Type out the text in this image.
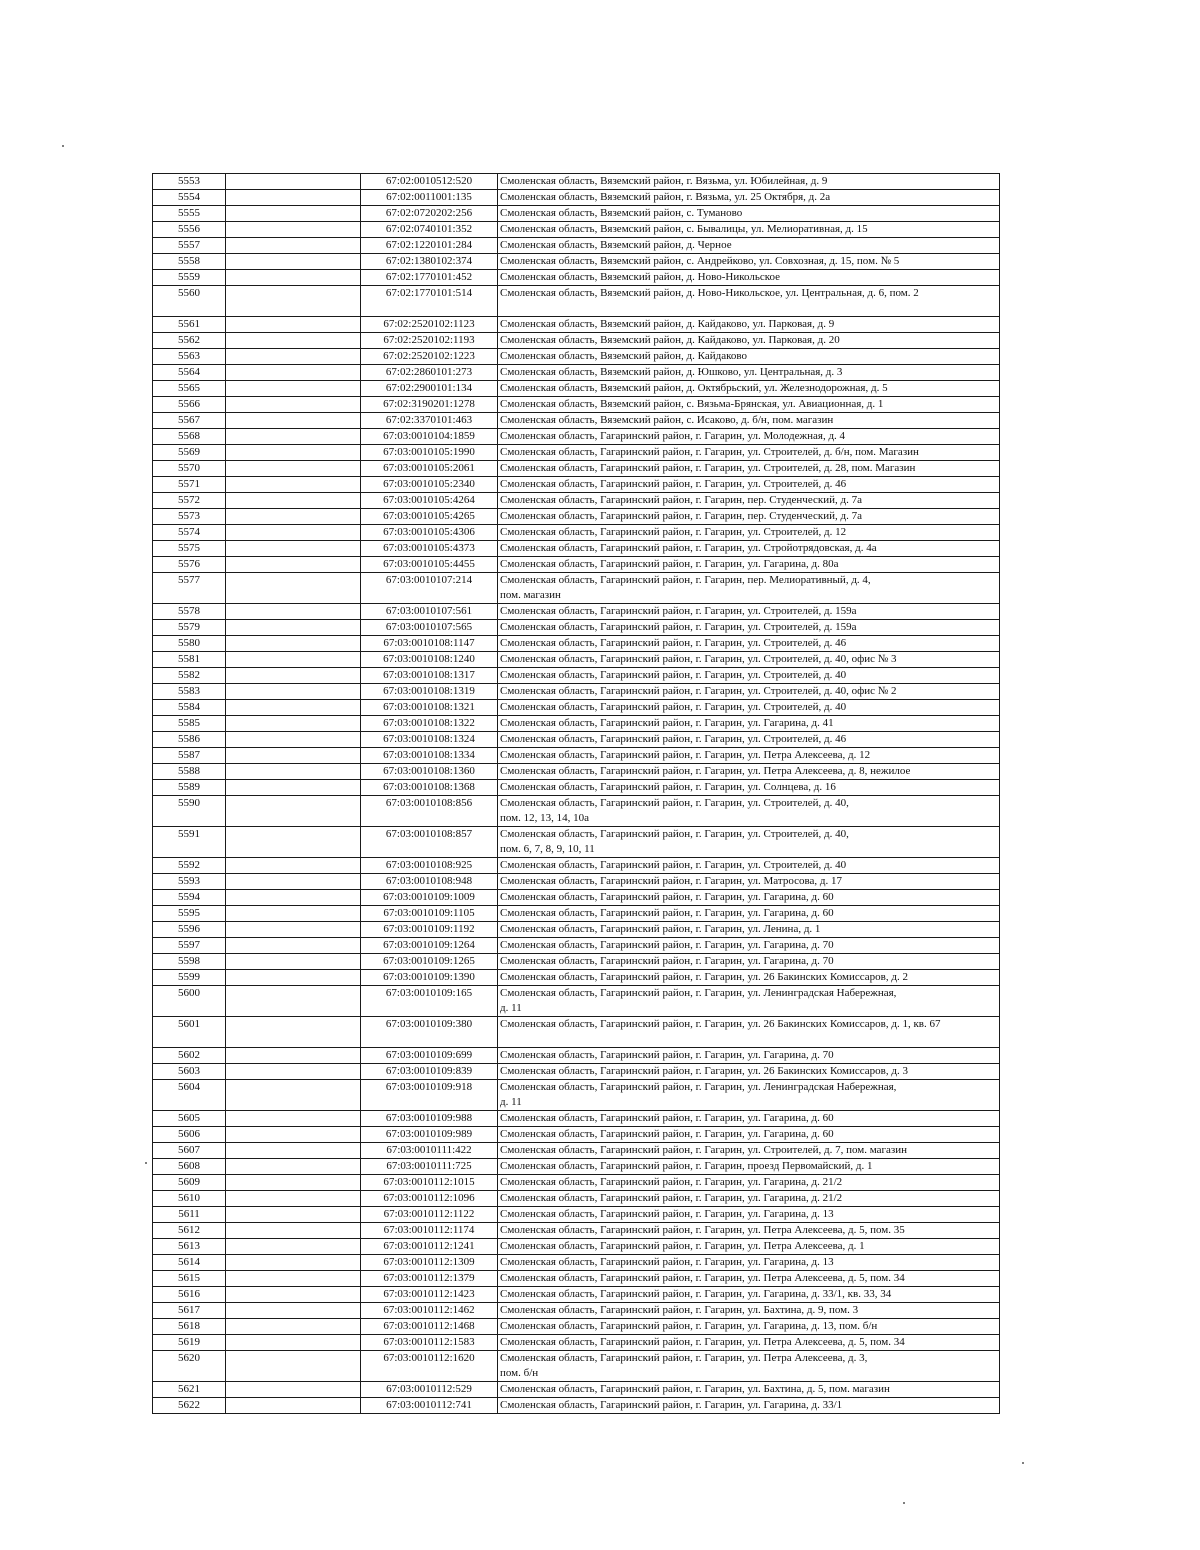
5553		67:02:0010512:520	Смоленская область, Вяземский район, г. Вязьма, ул. Юбилейная, д. 9
5554		67:02:0011001:135	Смоленская область, Вяземский район, г. Вязьма, ул. 25 Октября, д. 2а
5555		67:02:0720202:256	Смоленская область, Вяземский район, с. Туманово
5556		67:02:0740101:352	Смоленская область, Вяземский район, с. Бывалицы, ул. Мелиоративная, д. 15
5557		67:02:1220101:284	Смоленская область, Вяземский район, д. Черное
5558		67:02:1380102:374	Смоленская область, Вяземский район, с. Андрейково, ул. Совхозная, д. 15, пом. № 5
5559		67:02:1770101:452	Смоленская область, Вяземский район, д. Ново-Никольское
5560		67:02:1770101:514	Смоленская область, Вяземский район, д. Ново-Никольское, ул. Центральная, д. 6, пом. 2
5561		67:02:2520102:1123	Смоленская область, Вяземский район, д. Кайдаково, ул. Парковая, д. 9
5562		67:02:2520102:1193	Смоленская область, Вяземский район, д. Кайдаково, ул. Парковая, д. 20
5563		67:02:2520102:1223	Смоленская область, Вяземский район, д. Кайдаково
5564		67:02:2860101:273	Смоленская область, Вяземский район, д. Юшково, ул. Центральная, д. 3
5565		67:02:2900101:134	Смоленская область, Вяземский район, д. Октябрьский, ул. Железнодорожная, д. 5
5566		67:02:3190201:1278	Смоленская область, Вяземский район, с. Вязьма-Брянская, ул. Авиационная, д. 1
5567		67:02:3370101:463	Смоленская область, Вяземский район, с. Исаково, д. б/н, пом. магазин
5568		67:03:0010104:1859	Смоленская область, Гагаринский район, г. Гагарин, ул. Молодежная, д. 4
5569		67:03:0010105:1990	Смоленская область, Гагаринский район, г. Гагарин, ул. Строителей, д. б/н, пом. Магазин
5570		67:03:0010105:2061	Смоленская область, Гагаринский район, г. Гагарин, ул. Строителей, д. 28, пом. Магазин
5571		67:03:0010105:2340	Смоленская область, Гагаринский район, г. Гагарин, ул. Строителей, д. 46
5572		67:03:0010105:4264	Смоленская область, Гагаринский район, г. Гагарин, пер. Студенческий, д. 7а
5573		67:03:0010105:4265	Смоленская область, Гагаринский район, г. Гагарин, пер. Студенческий, д. 7а
5574		67:03:0010105:4306	Смоленская область, Гагаринский район, г. Гагарин, ул. Строителей, д. 12
5575		67:03:0010105:4373	Смоленская область, Гагаринский район, г. Гагарин, ул. Стройотрядовская, д. 4а
5576		67:03:0010105:4455	Смоленская область, Гагаринский район, г. Гагарин, ул. Гагарина, д. 80а
5577		67:03:0010107:214	Смоленская область, Гагаринский район, г. Гагарин, пер. Мелиоративный, д. 4,
пом. магазин

5578		67:03:0010107:561	Смоленская область, Гагаринский район, г. Гагарин, ул. Строителей, д. 159а
5579		67:03:0010107:565	Смоленская область, Гагаринский район, г. Гагарин, ул. Строителей, д. 159а
5580		67:03:0010108:1147	Смоленская область, Гагаринский район, г. Гагарин, ул. Строителей, д. 46
5581		67:03:0010108:1240	Смоленская область, Гагаринский район, г. Гагарин, ул. Строителей, д. 40, офис № 3
5582		67:03:0010108:1317	Смоленская область, Гагаринский район, г. Гагарин, ул. Строителей, д. 40
5583		67:03:0010108:1319	Смоленская область, Гагаринский район, г. Гагарин, ул. Строителей, д. 40, офис № 2
5584		67:03:0010108:1321	Смоленская область, Гагаринский район, г. Гагарин, ул. Строителей, д. 40
5585		67:03:0010108:1322	Смоленская область, Гагаринский район, г. Гагарин, ул. Гагарина, д. 41
5586		67:03:0010108:1324	Смоленская область, Гагаринский район, г. Гагарин, ул. Строителей, д. 46
5587		67:03:0010108:1334	Смоленская область, Гагаринский район, г. Гагарин, ул. Петра Алексеева, д. 12
5588		67:03:0010108:1360	Смоленская область, Гагаринский район, г. Гагарин, ул. Петра Алексеева, д. 8, нежилое
5589		67:03:0010108:1368	Смоленская область, Гагаринский район, г. Гагарин, ул. Солнцева, д. 16
5590		67:03:0010108:856	Смоленская область, Гагаринский район, г. Гагарин, ул. Строителей, д. 40,
пом. 12, 13, 14, 10а

5591		67:03:0010108:857	Смоленская область, Гагаринский район, г. Гагарин, ул. Строителей, д. 40,
пом. 6, 7, 8, 9, 10, 11

5592		67:03:0010108:925	Смоленская область, Гагаринский район, г. Гагарин, ул. Строителей, д. 40
5593		67:03:0010108:948	Смоленская область, Гагаринский район, г. Гагарин, ул. Матросова, д. 17
5594		67:03:0010109:1009	Смоленская область, Гагаринский район, г. Гагарин, ул. Гагарина, д. 60
5595		67:03:0010109:1105	Смоленская область, Гагаринский район, г. Гагарин, ул. Гагарина, д. 60
5596		67:03:0010109:1192	Смоленская область, Гагаринский район, г. Гагарин, ул. Ленина, д. 1
5597		67:03:0010109:1264	Смоленская область, Гагаринский район, г. Гагарин, ул. Гагарина, д. 70
5598		67:03:0010109:1265	Смоленская область, Гагаринский район, г. Гагарин, ул. Гагарина, д. 70
5599		67:03:0010109:1390	Смоленская область, Гагаринский район, г. Гагарин, ул. 26 Бакинских Комиссаров, д. 2
5600		67:03:0010109:165	Смоленская область, Гагаринский район, г. Гагарин, ул. Ленинградская Набережная,
д. 11

5601		67:03:0010109:380	Смоленская область, Гагаринский район, г. Гагарин, ул. 26 Бакинских Комиссаров, д. 1, кв. 67
5602		67:03:0010109:699	Смоленская область, Гагаринский район, г. Гагарин, ул. Гагарина, д. 70
5603		67:03:0010109:839	Смоленская область, Гагаринский район, г. Гагарин, ул. 26 Бакинских Комиссаров, д. 3
5604		67:03:0010109:918	Смоленская область, Гагаринский район, г. Гагарин, ул. Ленинградская Набережная,
д. 11

5605		67:03:0010109:988	Смоленская область, Гагаринский район, г. Гагарин, ул. Гагарина, д. 60
5606		67:03:0010109:989	Смоленская область, Гагаринский район, г. Гагарин, ул. Гагарина, д. 60
5607		67:03:0010111:422	Смоленская область, Гагаринский район, г. Гагарин, ул. Строителей, д. 7, пом. магазин
5608		67:03:0010111:725	Смоленская область, Гагаринский район, г. Гагарин, проезд Первомайский, д. 1
5609		67:03:0010112:1015	Смоленская область, Гагаринский район, г. Гагарин, ул. Гагарина, д. 21/2
5610		67:03:0010112:1096	Смоленская область, Гагаринский район, г. Гагарин, ул. Гагарина, д. 21/2
5611		67:03:0010112:1122	Смоленская область, Гагаринский район, г. Гагарин, ул. Гагарина, д. 13
5612		67:03:0010112:1174	Смоленская область, Гагаринский район, г. Гагарин, ул. Петра Алексеева, д. 5, пом. 35
5613		67:03:0010112:1241	Смоленская область, Гагаринский район, г. Гагарин, ул. Петра Алексеева, д. 1
5614		67:03:0010112:1309	Смоленская область, Гагаринский район, г. Гагарин, ул. Гагарина, д. 13
5615		67:03:0010112:1379	Смоленская область, Гагаринский район, г. Гагарин, ул. Петра Алексеева, д. 5, пом. 34
5616		67:03:0010112:1423	Смоленская область, Гагаринский район, г. Гагарин, ул. Гагарина, д. 33/1, кв. 33, 34
5617		67:03:0010112:1462	Смоленская область, Гагаринский район, г. Гагарин, ул. Бахтина, д. 9, пом. 3
5618		67:03:0010112:1468	Смоленская область, Гагаринский район, г. Гагарин, ул. Гагарина, д. 13, пом. б/н
5619		67:03:0010112:1583	Смоленская область, Гагаринский район, г. Гагарин, ул. Петра Алексеева, д. 5, пом. 34
5620		67:03:0010112:1620	Смоленская область, Гагаринский район, г. Гагарин, ул. Петра Алексеева, д. 3,
пом. б/н

5621		67:03:0010112:529	Смоленская область, Гагаринский район, г. Гагарин, ул. Бахтина, д. 5, пом. магазин
5622		67:03:0010112:741	Смоленская область, Гагаринский район, г. Гагарин, ул. Гагарина, д. 33/1
